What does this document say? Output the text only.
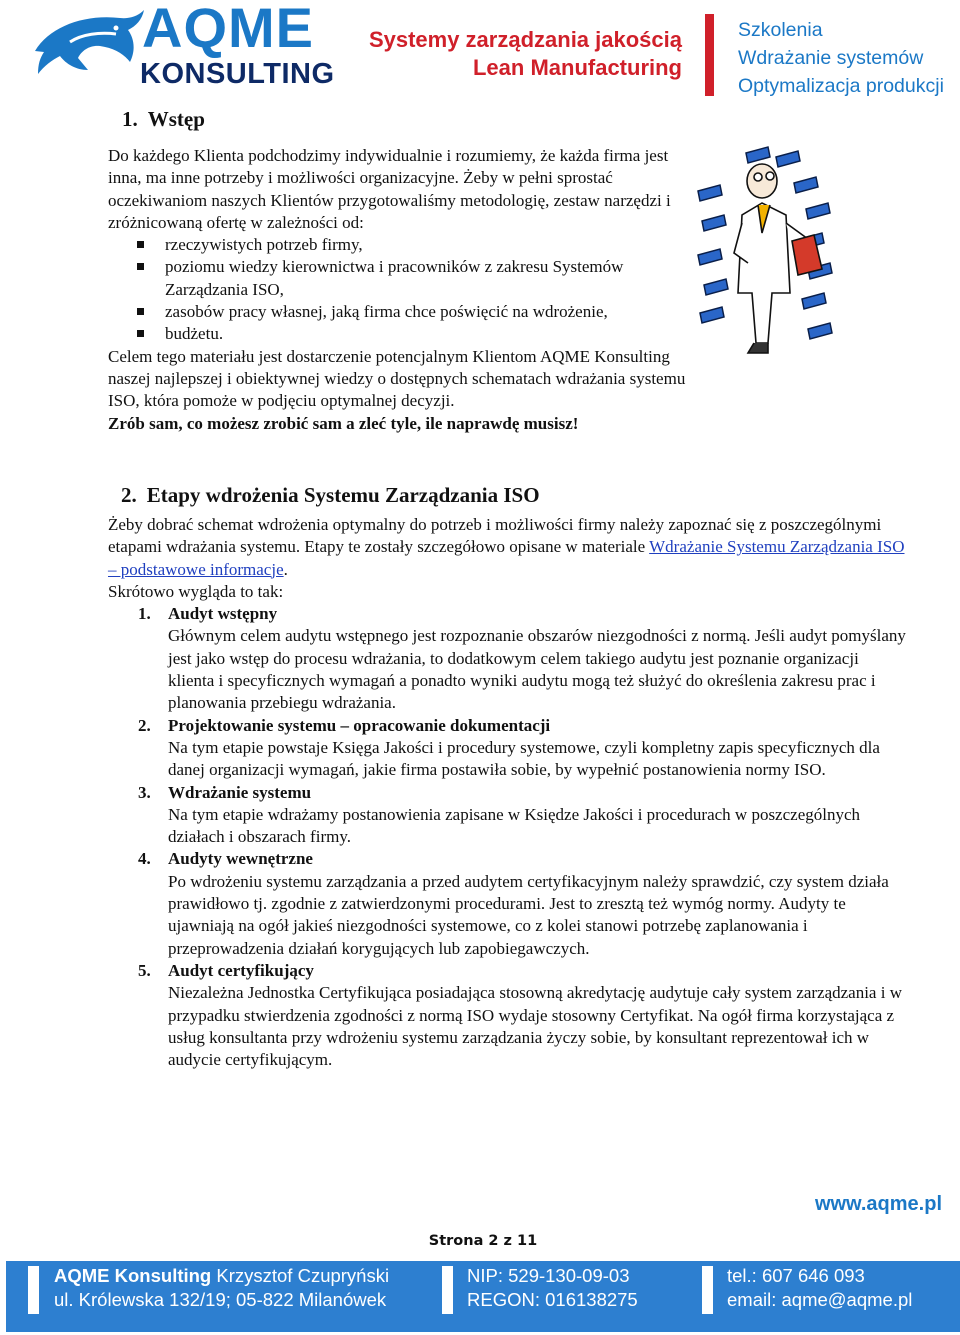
AQME
KONSULTING
Systemy zarządzania jakością
Lean Manufacturing
Szkolenia
Wdrażanie systemów
Optymalizacja produkcji
1. Wstęp

Do każdego Klienta podchodzimy indywidualnie i rozumiemy, że każda firma jest inna, ma inne potrzeby i możliwości organizacyjne. Żeby w pełni sprostać oczekiwaniom naszych Klientów przygotowaliśmy metodologię, zestaw narzędzi i zróżnicowaną ofertę w zależności od:

rzeczywistych potrzeb firmy,
poziomu wiedzy kierownictwa i pracowników z zakresu Systemów Zarządzania ISO,
zasobów pracy własnej, jaką firma chce poświęcić na wdrożenie,
budżetu.

Celem tego materiału jest dostarczenie potencjalnym Klientom AQME Konsulting naszej najlepszej i obiektywnej wiedzy o dostępnych schematach wdrażania systemu ISO, która pomoże w podjęciu optymalnej decyzji.

Zrób sam, co możesz zrobić sam a zleć tyle, ile naprawdę musisz!

2. Etapy wdrożenia Systemu Zarządzania ISO

Żeby dobrać schemat wdrożenia optymalny do potrzeb i możliwości firmy należy zapoznać się z poszczególnymi etapami wdrażania systemu. Etapy te zostały szczegółowo opisane w materiale Wdrażanie Systemu Zarządzania ISO – podstawowe informacje.

Skrótowo wygląda to tak:

1. Audyt wstępny
Głównym celem audytu wstępnego jest rozpoznanie obszarów niezgodności z normą. Jeśli audyt pomyślany jest jako wstęp do procesu wdrażania, to dodatkowym celem takiego audytu jest poznanie organizacji klienta i specyficznych wymagań a ponadto wyniki audytu mogą też służyć do określenia zakresu prac i planowania przebiegu wdrażania.
2. Projektowanie systemu – opracowanie dokumentacji
Na tym etapie powstaje Księga Jakości i procedury systemowe, czyli kompletny zapis specyficznych dla danej organizacji wymagań, jakie firma postawiła sobie, by wypełnić postanowienia normy ISO.
3. Wdrażanie systemu
Na tym etapie wdrażamy postanowienia zapisane w Księdze Jakości i procedurach w poszczególnych działach i obszarach firmy.
4. Audyty wewnętrzne
Po wdrożeniu systemu zarządzania a przed audytem certyfikacyjnym należy sprawdzić, czy system działa prawidłowo tj. zgodnie z zatwierdzonymi procedurami. Jest to zresztą też wymóg normy. Audyty te ujawniają na ogół jakieś niezgodności systemowe, co z kolei stanowi potrzebę zaplanowania i przeprowadzenia działań korygujących lub zapobiegawczych.
5. Audyt certyfikujący
Niezależna Jednostka Certyfikująca posiadająca stosowną akredytację audytuje cały system zarządzania i w przypadku stwierdzenia zgodności z normą ISO wydaje stosowny Certyfikat. Na ogół firma korzystająca z usług konsultanta przy wdrożeniu systemu zarządzania życzy sobie, by konsultant reprezentował ich w audycie certyfikującym.
www.aqme.pl
Strona 2 z 11
AQME Konsulting Krzysztof Czupryński
ul. Królewska 132/19; 05-822 Milanówek
NIP: 529-130-09-03
REGON: 016138275
tel.: 607 646 093
email: aqme@aqme.pl
